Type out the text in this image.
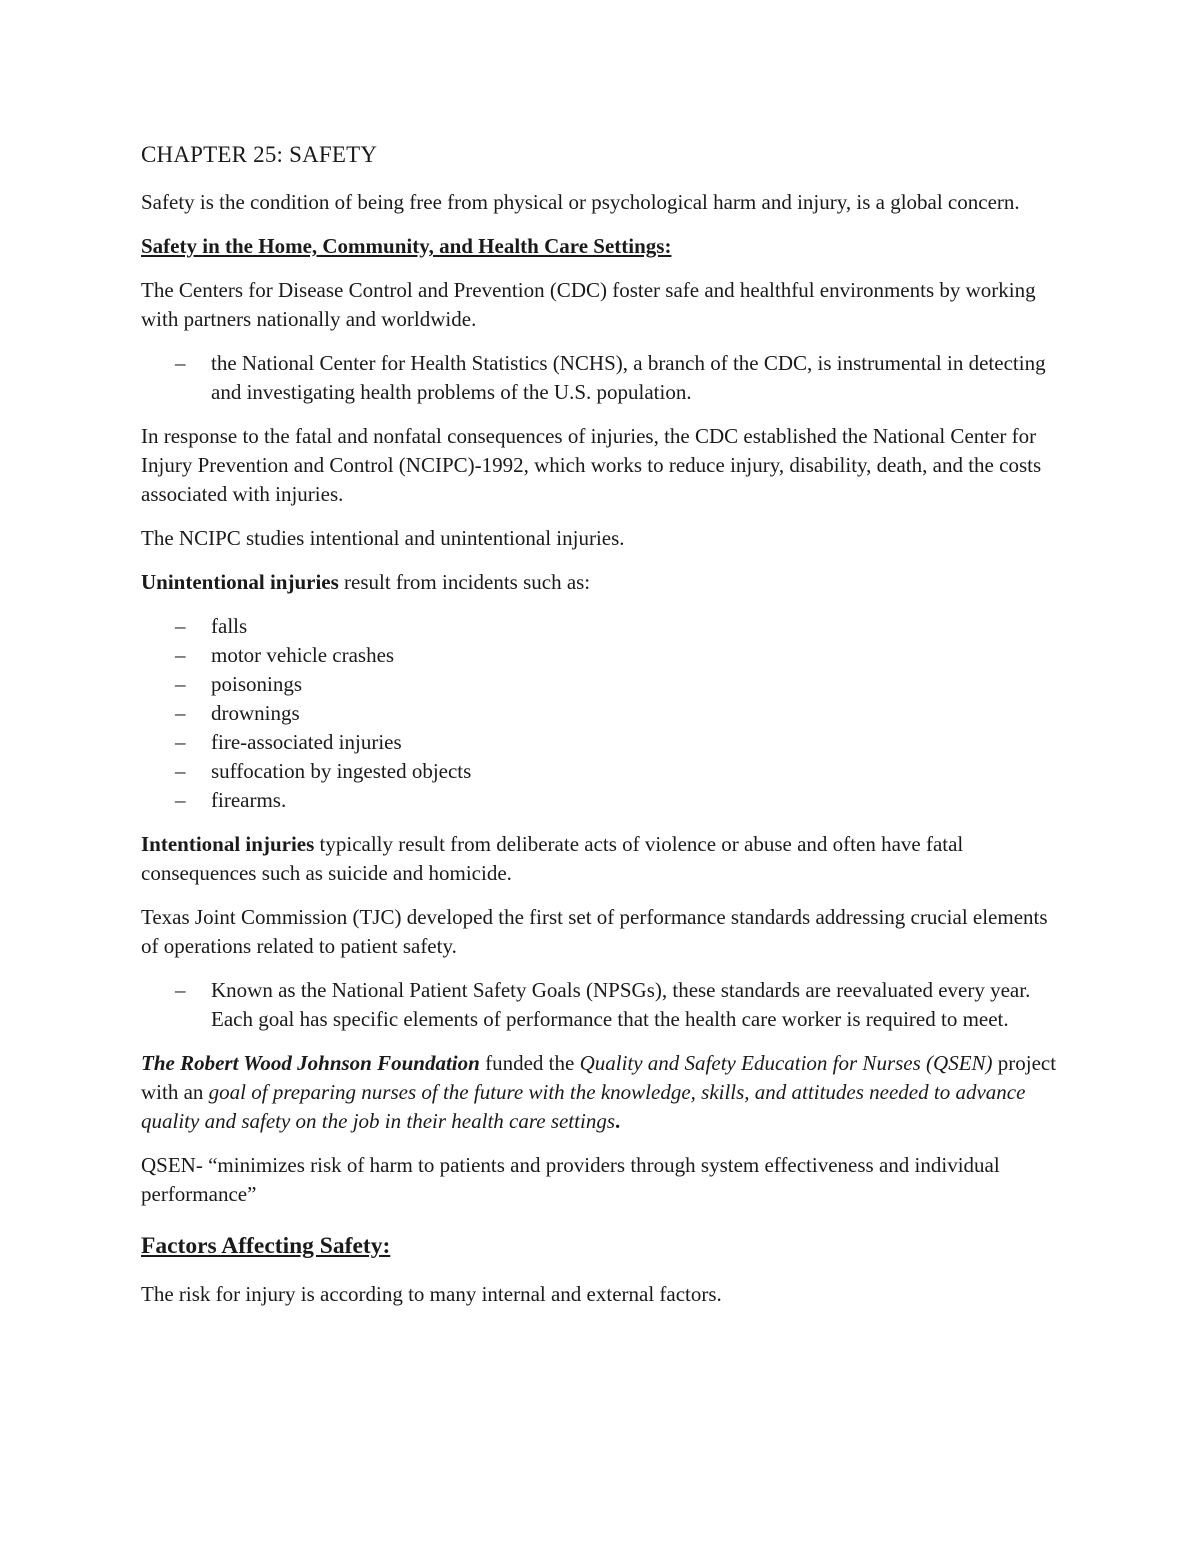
CHAPTER 25: SAFETY

Safety is the condition of being free from physical or psychological harm and injury, is a global concern.

Safety in the Home, Community, and Health Care Settings:

The Centers for Disease Control and Prevention (CDC) foster safe and healthful environments by working with partners nationally and worldwide.

– the National Center for Health Statistics (NCHS), a branch of the CDC, is instrumental in detecting and investigating health problems of the U.S. population.

In response to the fatal and nonfatal consequences of injuries, the CDC established the National Center for Injury Prevention and Control (NCIPC)-1992, which works to reduce injury, disability, death, and the costs associated with injuries.

The NCIPC studies intentional and unintentional injuries.

Unintentional injuries result from incidents such as:

– falls
– motor vehicle crashes
– poisonings
– drownings
– fire-associated injuries
– suffocation by ingested objects
– firearms.

Intentional injuries typically result from deliberate acts of violence or abuse and often have fatal consequences such as suicide and homicide.

Texas Joint Commission (TJC) developed the first set of performance standards addressing crucial elements of operations related to patient safety.

– Known as the National Patient Safety Goals (NPSGs), these standards are reevaluated every year. Each goal has specific elements of performance that the health care worker is required to meet.

The Robert Wood Johnson Foundation funded the Quality and Safety Education for Nurses (QSEN) project with an goal of preparing nurses of the future with the knowledge, skills, and attitudes needed to advance quality and safety on the job in their health care settings.

QSEN- “minimizes risk of harm to patients and providers through system effectiveness and individual performance”

Factors Affecting Safety:

The risk for injury is according to many internal and external factors.
